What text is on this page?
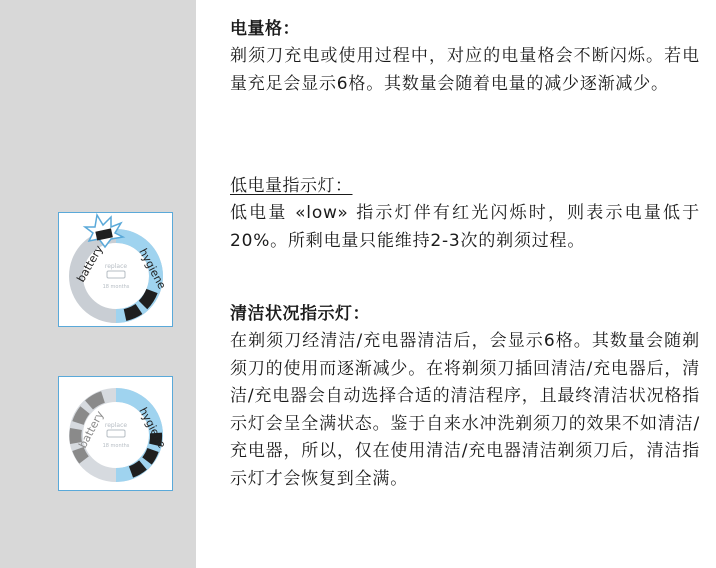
replace
18 months
battery	hygiene
replace
18 months
battery	hygiene
电量格：

剃须刀充电或使用过程中，对应的电量格会不断闪烁。若电量充足会显示6格。其数量会随着电量的减少逐渐减少。

低电量指示灯：

低电量 «low» 指示灯伴有红光闪烁时，则表示电量低于20%。所剩电量只能维持2-3次的剃须过程。

清洁状况指示灯：

在剃须刀经清洁/充电器清洁后，会显示6格。其数量会随剃须刀的使用而逐渐减少。在将剃须刀插回清洁/充电器后，清洁/充电器会自动选择合适的清洁程序，且最终清洁状况格指示灯会呈全满状态。鉴于自来水冲洗剃须刀的效果不如清洁/充电器，所以，仅在使用清洁/充电器清洁剃须刀后，清洁指示灯才会恢复到全满。
